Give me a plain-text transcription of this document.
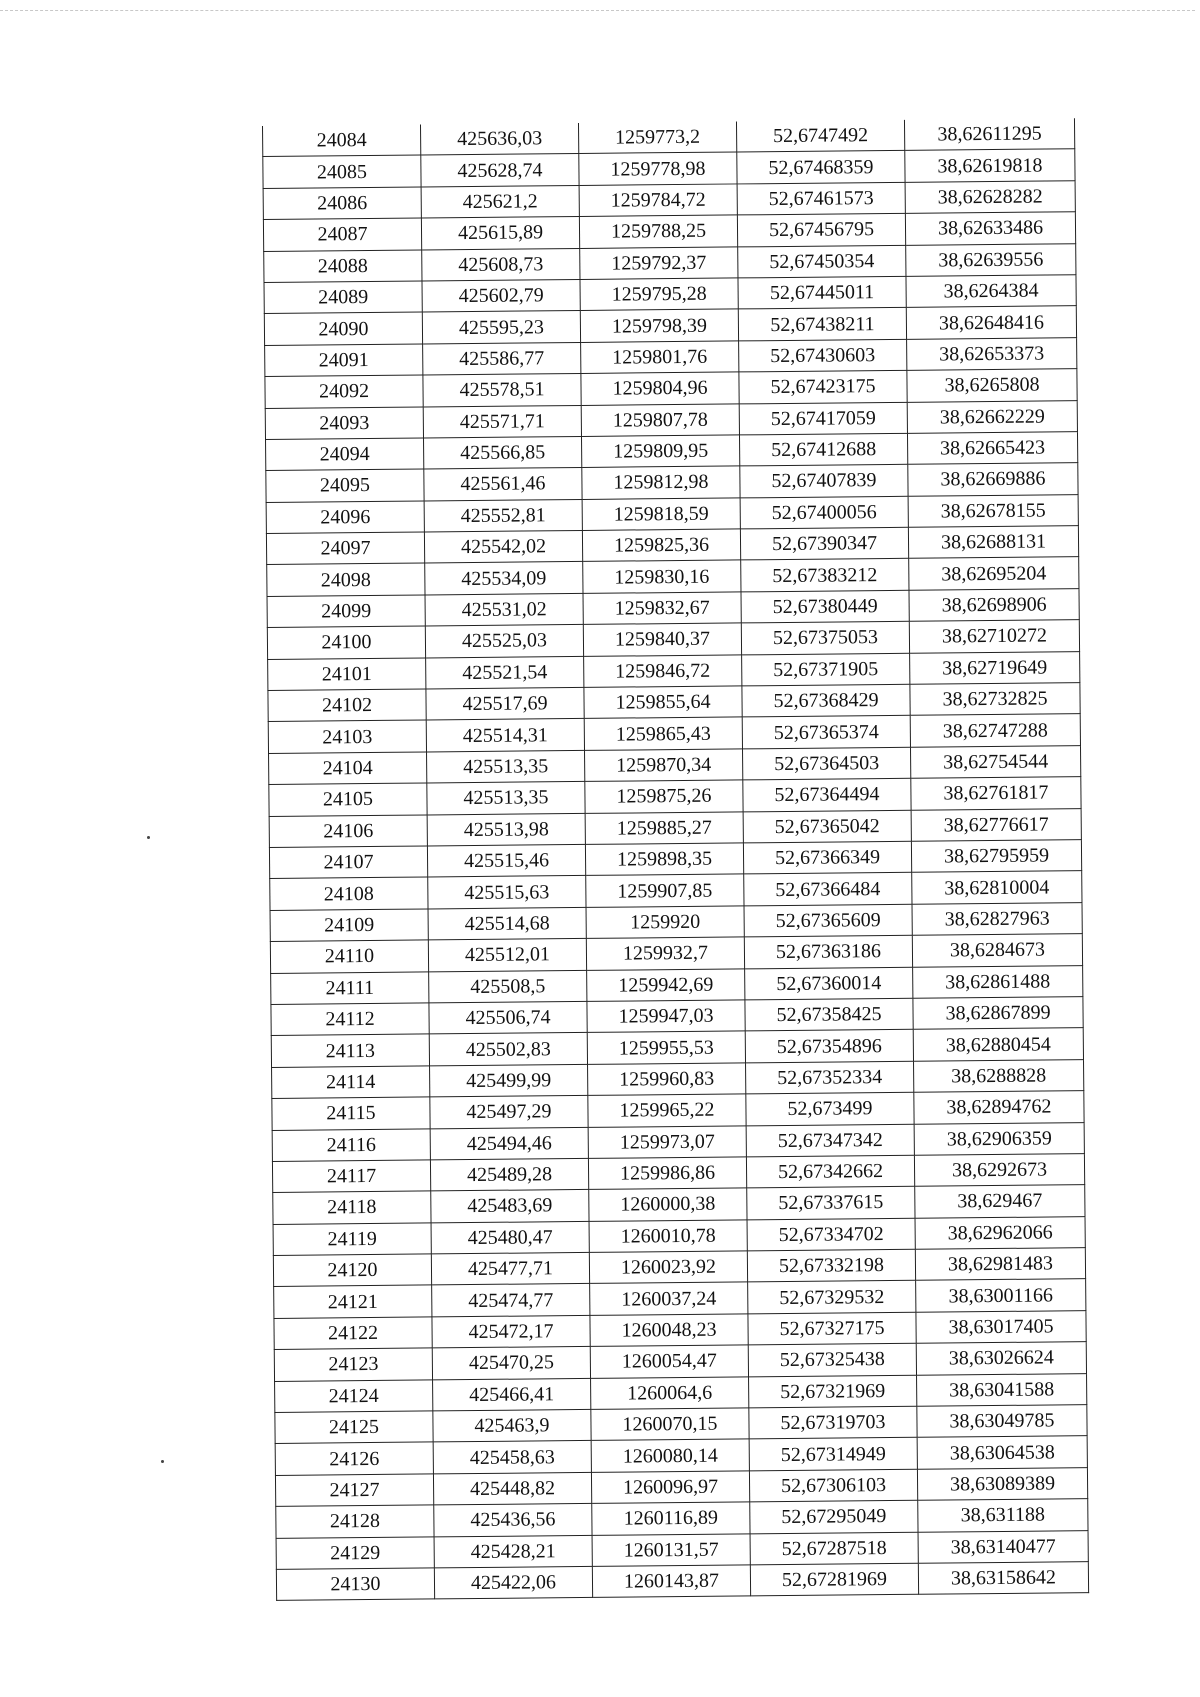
24084	425636,03	1259773,2	52,6747492	38,62611295
24085	425628,74	1259778,98	52,67468359	38,62619818
24086	425621,2	1259784,72	52,67461573	38,62628282
24087	425615,89	1259788,25	52,67456795	38,62633486
24088	425608,73	1259792,37	52,67450354	38,62639556
24089	425602,79	1259795,28	52,67445011	38,6264384
24090	425595,23	1259798,39	52,67438211	38,62648416
24091	425586,77	1259801,76	52,67430603	38,62653373
24092	425578,51	1259804,96	52,67423175	38,6265808
24093	425571,71	1259807,78	52,67417059	38,62662229
24094	425566,85	1259809,95	52,67412688	38,62665423
24095	425561,46	1259812,98	52,67407839	38,62669886
24096	425552,81	1259818,59	52,67400056	38,62678155
24097	425542,02	1259825,36	52,67390347	38,62688131
24098	425534,09	1259830,16	52,67383212	38,62695204
24099	425531,02	1259832,67	52,67380449	38,62698906
24100	425525,03	1259840,37	52,67375053	38,62710272
24101	425521,54	1259846,72	52,67371905	38,62719649
24102	425517,69	1259855,64	52,67368429	38,62732825
24103	425514,31	1259865,43	52,67365374	38,62747288
24104	425513,35	1259870,34	52,67364503	38,62754544
24105	425513,35	1259875,26	52,67364494	38,62761817
24106	425513,98	1259885,27	52,67365042	38,62776617
24107	425515,46	1259898,35	52,67366349	38,62795959
24108	425515,63	1259907,85	52,67366484	38,62810004
24109	425514,68	1259920	52,67365609	38,62827963
24110	425512,01	1259932,7	52,67363186	38,6284673
24111	425508,5	1259942,69	52,67360014	38,62861488
24112	425506,74	1259947,03	52,67358425	38,62867899
24113	425502,83	1259955,53	52,67354896	38,62880454
24114	425499,99	1259960,83	52,67352334	38,6288828
24115	425497,29	1259965,22	52,673499	38,62894762
24116	425494,46	1259973,07	52,67347342	38,62906359
24117	425489,28	1259986,86	52,67342662	38,6292673
24118	425483,69	1260000,38	52,67337615	38,629467
24119	425480,47	1260010,78	52,67334702	38,62962066
24120	425477,71	1260023,92	52,67332198	38,62981483
24121	425474,77	1260037,24	52,67329532	38,63001166
24122	425472,17	1260048,23	52,67327175	38,63017405
24123	425470,25	1260054,47	52,67325438	38,63026624
24124	425466,41	1260064,6	52,67321969	38,63041588
24125	425463,9	1260070,15	52,67319703	38,63049785
24126	425458,63	1260080,14	52,67314949	38,63064538
24127	425448,82	1260096,97	52,67306103	38,63089389
24128	425436,56	1260116,89	52,67295049	38,631188
24129	425428,21	1260131,57	52,67287518	38,63140477
24130	425422,06	1260143,87	52,67281969	38,63158642
